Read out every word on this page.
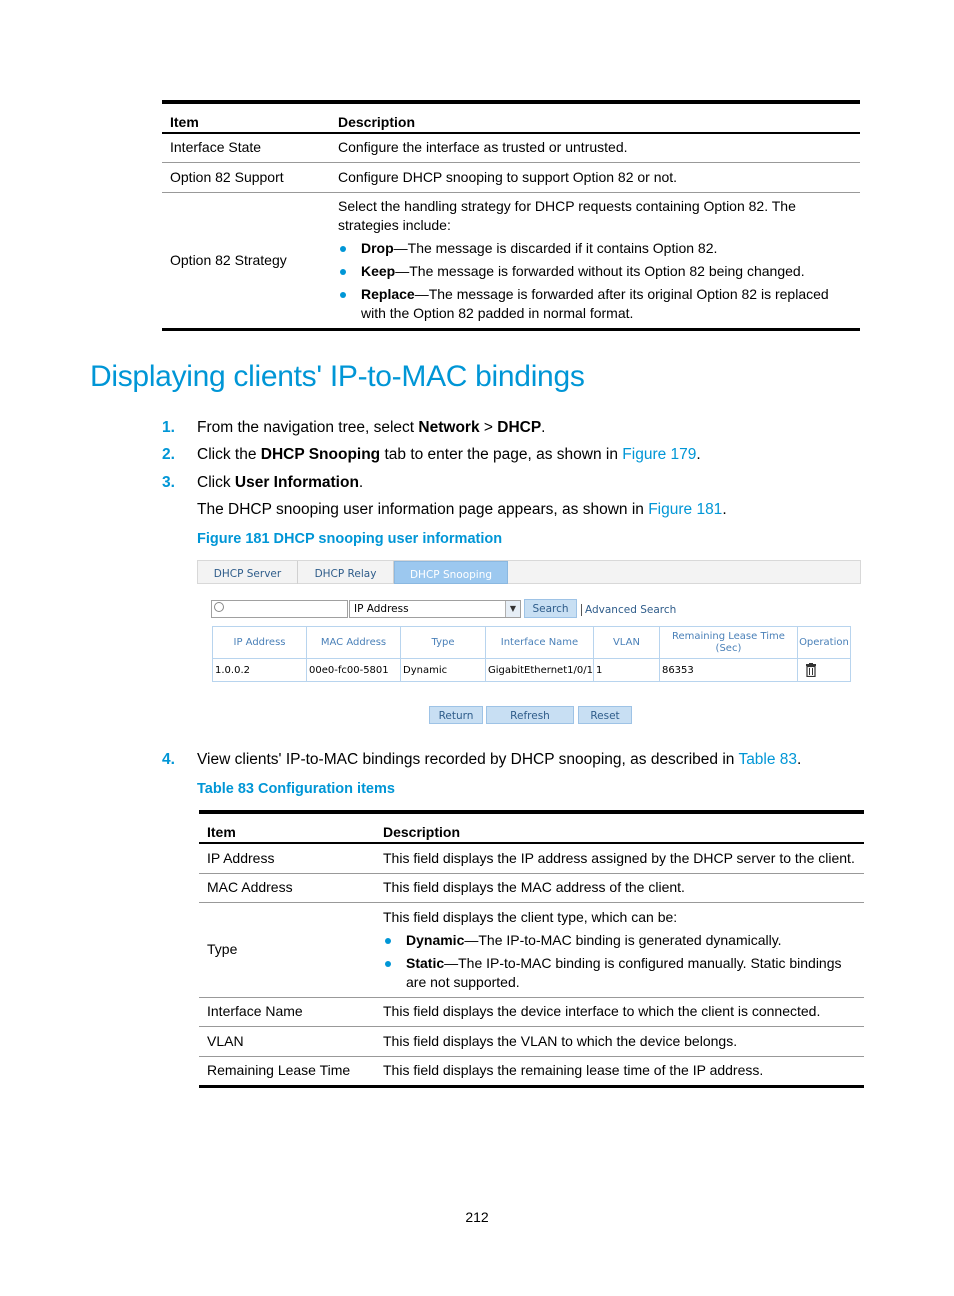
Item	Description
Interface State	Configure the interface as trusted or untrusted.
Option 82 Support	Configure DHCP snooping to support Option 82 or not.
Option 82 Strategy	Select the handling strategy for DHCP requests containing Option 82. The strategies include:
Drop—The message is discarded if it contains Option 82.
Keep—The message is forwarded without its Option 82 being changed.
Replace—The message is forwarded after its original Option 82 is replaced with the Option 82 padded in normal format.
Displaying clients' IP-to-MAC bindings
1.	From the navigation tree, select Network > DHCP.
2.	Click the DHCP Snooping tab to enter the page, as shown in Figure 179.
3.	Click User Information.
The DHCP snooping user information page appears, as shown in Figure 181.
Figure 181 DHCP snooping user information
DHCP Server	DHCP Relay	DHCP Snooping
IP Address	▼	Search	Advanced Search
IP Address	MAC Address	Type	Interface Name	VLAN	Remaining Lease Time (Sec)	Operation
1.0.0.2	00e0-fc00-5801	Dynamic	GigabitEthernet1/0/1	1	86353	
Return	Refresh	Reset
4.	View clients' IP-to-MAC bindings recorded by DHCP snooping, as described in Table 83.
Table 83 Configuration items
Item	Description
IP Address	This field displays the IP address assigned by the DHCP server to the client.
MAC Address	This field displays the MAC address of the client.
Type	This field displays the client type, which can be:
Dynamic—The IP-to-MAC binding is generated dynamically.
Static—The IP-to-MAC binding is configured manually. Static bindings are not supported.

Interface Name	This field displays the device interface to which the client is connected.
VLAN	This field displays the VLAN to which the device belongs.
Remaining Lease Time	This field displays the remaining lease time of the IP address.
212
